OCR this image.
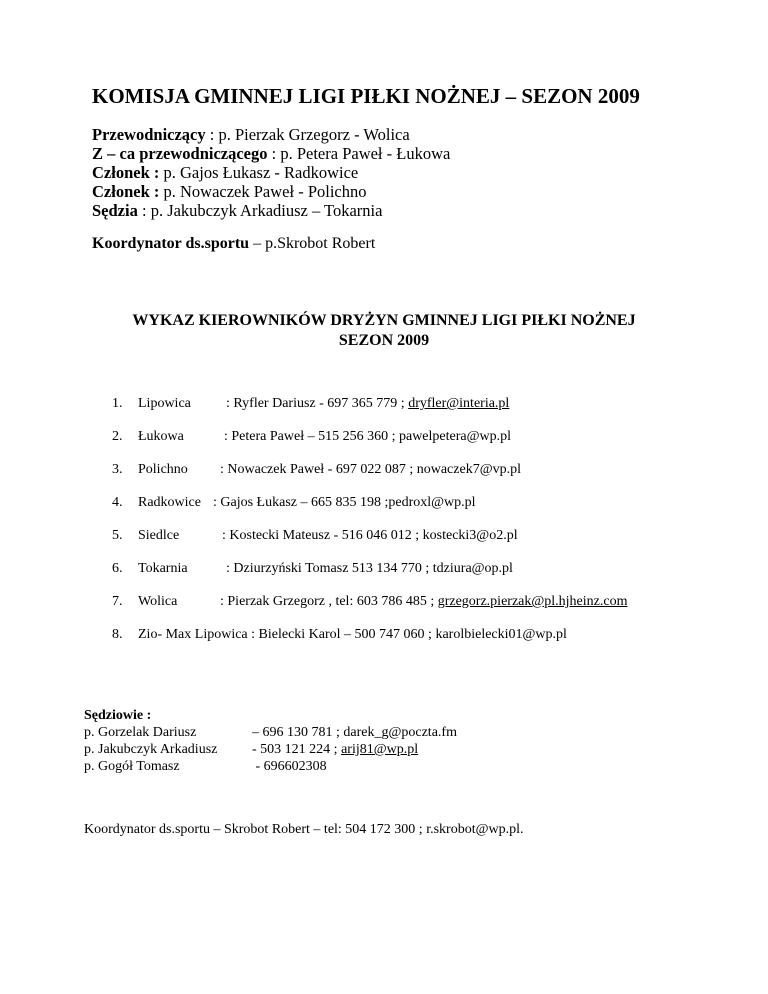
KOMISJA GMINNEJ LIGI PIŁKI NOŻNEJ – SEZON 2009
Przewodniczący : p. Pierzak Grzegorz - Wolica
Z – ca przewodniczącego : p. Petera Paweł - Łukowa
Członek : p. Gajos Łukasz - Radkowice
Członek : p. Nowaczek Paweł - Polichno
Sędzia : p. Jakubczyk Arkadiusz – Tokarnia
Koordynator ds.sportu – p.Skrobot Robert
WYKAZ KIEROWNIKÓW DRYŻYN GMINNEJ LIGI PIŁKI NOŻNEJ
SEZON 2009
1. Lipowica	: Ryfler Dariusz - 697 365 779 ; dryfler@interia.pl
2. Łukowa	: Petera Paweł – 515 256 360 ; pawelpetera@wp.pl
3. Polichno : Nowaczek Paweł - 697 022 087 ; nowaczek7@vp.pl
4. Radkowice : Gajos Łukasz – 665 835 198 ;pedroxl@wp.pl
5. Siedlce	: Kostecki Mateusz - 516 046 012 ; kostecki3@o2.pl
6. Tokarnia	: Dziurzyński Tomasz 513 134 770 ; tdziura@op.pl
7. Wolica	: Pierzak Grzegorz , tel: 603 786 485 ; grzegorz.pierzak@pl.hjheinz.com
8. Zio- Max Lipowica : Bielecki Karol – 500 747 060 ; karolbielecki01@wp.pl
Sędziowie :
p. Gorzelak Dariusz	– 696 130 781 ; darek_g@poczta.fm
p. Jakubczyk Arkadiusz - 503 121 224 ; arij81@wp.pl
p. Gogół Tomasz	- 696602308
Koordynator ds.sportu – Skrobot Robert – tel: 504 172 300 ; r.skrobot@wp.pl.
